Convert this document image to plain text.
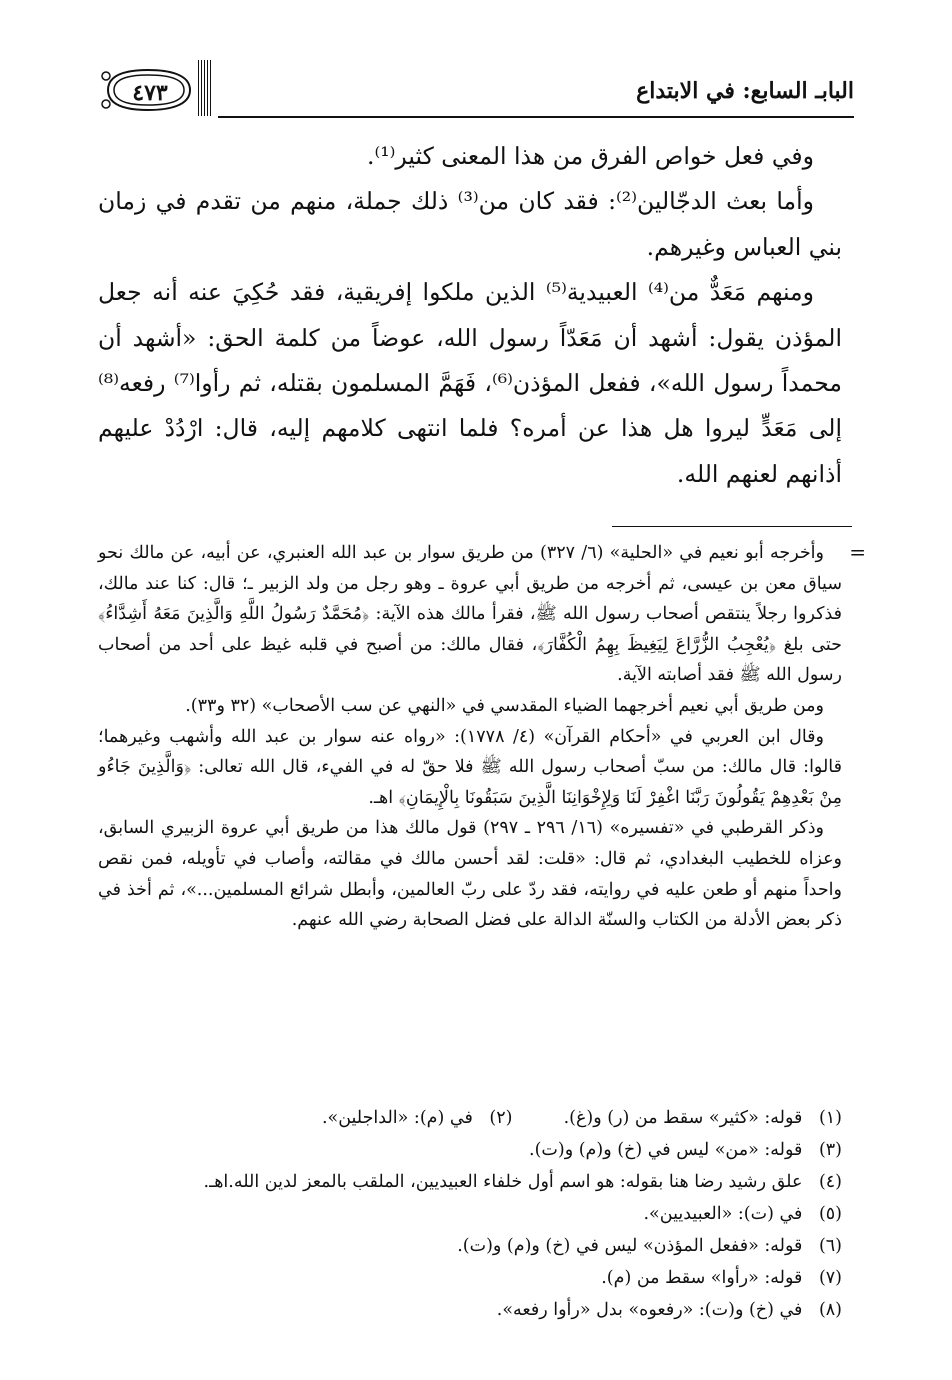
٤٧٣	البابـ السابع: في الابتداع

وفي فعل خواص الفرق من هذا المعنى كثير⁽¹⁾.

وأما بعث الدجّالين⁽²⁾: فقد كان من⁽³⁾ ذلك جملة، منهم من تقدم في زمان بني العباس وغيرهم.

ومنهم مَعَدٌّ من⁽⁴⁾ العبيدية⁽⁵⁾ الذين ملكوا إفريقية، فقد حُكِيَ عنه أنه جعل المؤذن يقول: أشهد أن مَعَدّاً رسول الله، عوضاً من كلمة الحق: «أشهد أن محمداً رسول الله»، ففعل المؤذن⁽⁶⁾، فَهَمَّ المسلمون بقتله، ثم رأوا⁽⁷⁾ رفعه⁽⁸⁾ إلى مَعَدٍّ ليروا هل هذا عن أمره؟ فلما انتهى كلامهم إليه، قال: ارْدُدْ عليهم أذانهم لعنهم الله.

=

وأخرجه أبو نعيم في «الحلية» (٦/ ٣٢٧) من طريق سوار بن عبد الله العنبري، عن أبيه، عن مالك نحو سياق معن بن عيسى، ثم أخرجه من طريق أبي عروة ـ وهو رجل من ولد الزبير ـ؛ قال: كنا عند مالك، فذكروا رجلاً ينتقص أصحاب رسول الله ﷺ، فقرأ مالك هذه الآية: ﴿مُحَمَّدٌ رَسُولُ اللَّهِ وَالَّذِينَ مَعَهُ أَشِدَّاءُ﴾ حتى بلغ ﴿يُعْجِبُ الزُّرَّاعَ لِيَغِيظَ بِهِمُ الْكُفَّارَ﴾، فقال مالك: من أصبح في قلبه غيظ على أحد من أصحاب رسول الله ﷺ فقد أصابته الآية.

ومن طريق أبي نعيم أخرجهما الضياء المقدسي في «النهي عن سب الأصحاب» (٣٢ و٣٣).

وقال ابن العربي في «أحكام القرآن» (٤/ ١٧٧٨): «رواه عنه سوار بن عبد الله وأشهب وغيرهما؛ قالوا: قال مالك: من سبّ أصحاب رسول الله ﷺ فلا حقّ له في الفيء، قال الله تعالى: ﴿وَالَّذِينَ جَاءُو مِنْ بَعْدِهِمْ يَقُولُونَ رَبَّنَا اغْفِرْ لَنَا وَلِإِخْوَانِنَا الَّذِينَ سَبَقُونَا بِالْإِيمَانِ﴾ اهـ.

وذكر القرطبي في «تفسيره» (١٦/ ٢٩٦ ـ ٢٩٧) قول مالك هذا من طريق أبي عروة الزبيري السابق، وعزاه للخطيب البغدادي، ثم قال: «قلت: لقد أحسن مالك في مقالته، وأصاب في تأويله، فمن نقص واحداً منهم أو طعن عليه في روايته، فقد ردّ على ربّ العالمين، وأبطل شرائع المسلمين...»، ثم أخذ في ذكر بعض الأدلة من الكتاب والسنّة الدالة على فضل الصحابة رضي الله عنهم.

(١) قوله: «كثير» سقط من (ر) و(غ).  (٢) في (م): «الداجلين».
(٣) قوله: «من» ليس في (خ) و(م) و(ت).
(٤) علق رشيد رضا هنا بقوله: هو اسم أول خلفاء العبيديين، الملقب بالمعز لدين الله.اهـ.
(٥) في (ت): «العبيديين».
(٦) قوله: «ففعل المؤذن» ليس في (خ) و(م) و(ت).
(٧) قوله: «رأوا» سقط من (م).
(٨) في (خ) و(ت): «رفعوه» بدل «رأوا رفعه».
